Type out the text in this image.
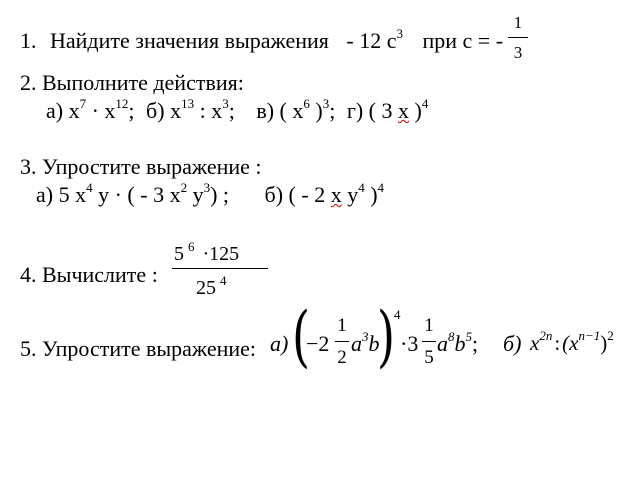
1. Найдите значения выражения - 12 $c^3$ при c = -
1
3
2. Выполните действия:
а) $x^7 \cdot x^{12}$; б) $x^{13}$ : $x^3$; в) ( $x^6$ )$^3$; г) ( 3 x )$^4$
3. Упростите выражение :
а) 5 $x^4$ y · ( - 3 $x^2$ $y^3$) ; б) ( - 2 x $y^4$ )$^4$
4. Вычислите :
5 $^6$ ·125
25 $^4$
5. Упростите выражение: а) (
−2
1
2
$a^3b$
)
4
·3
1
5
$a^8b^5$; б) $x^{2n}:(x^{n-1})^2$
